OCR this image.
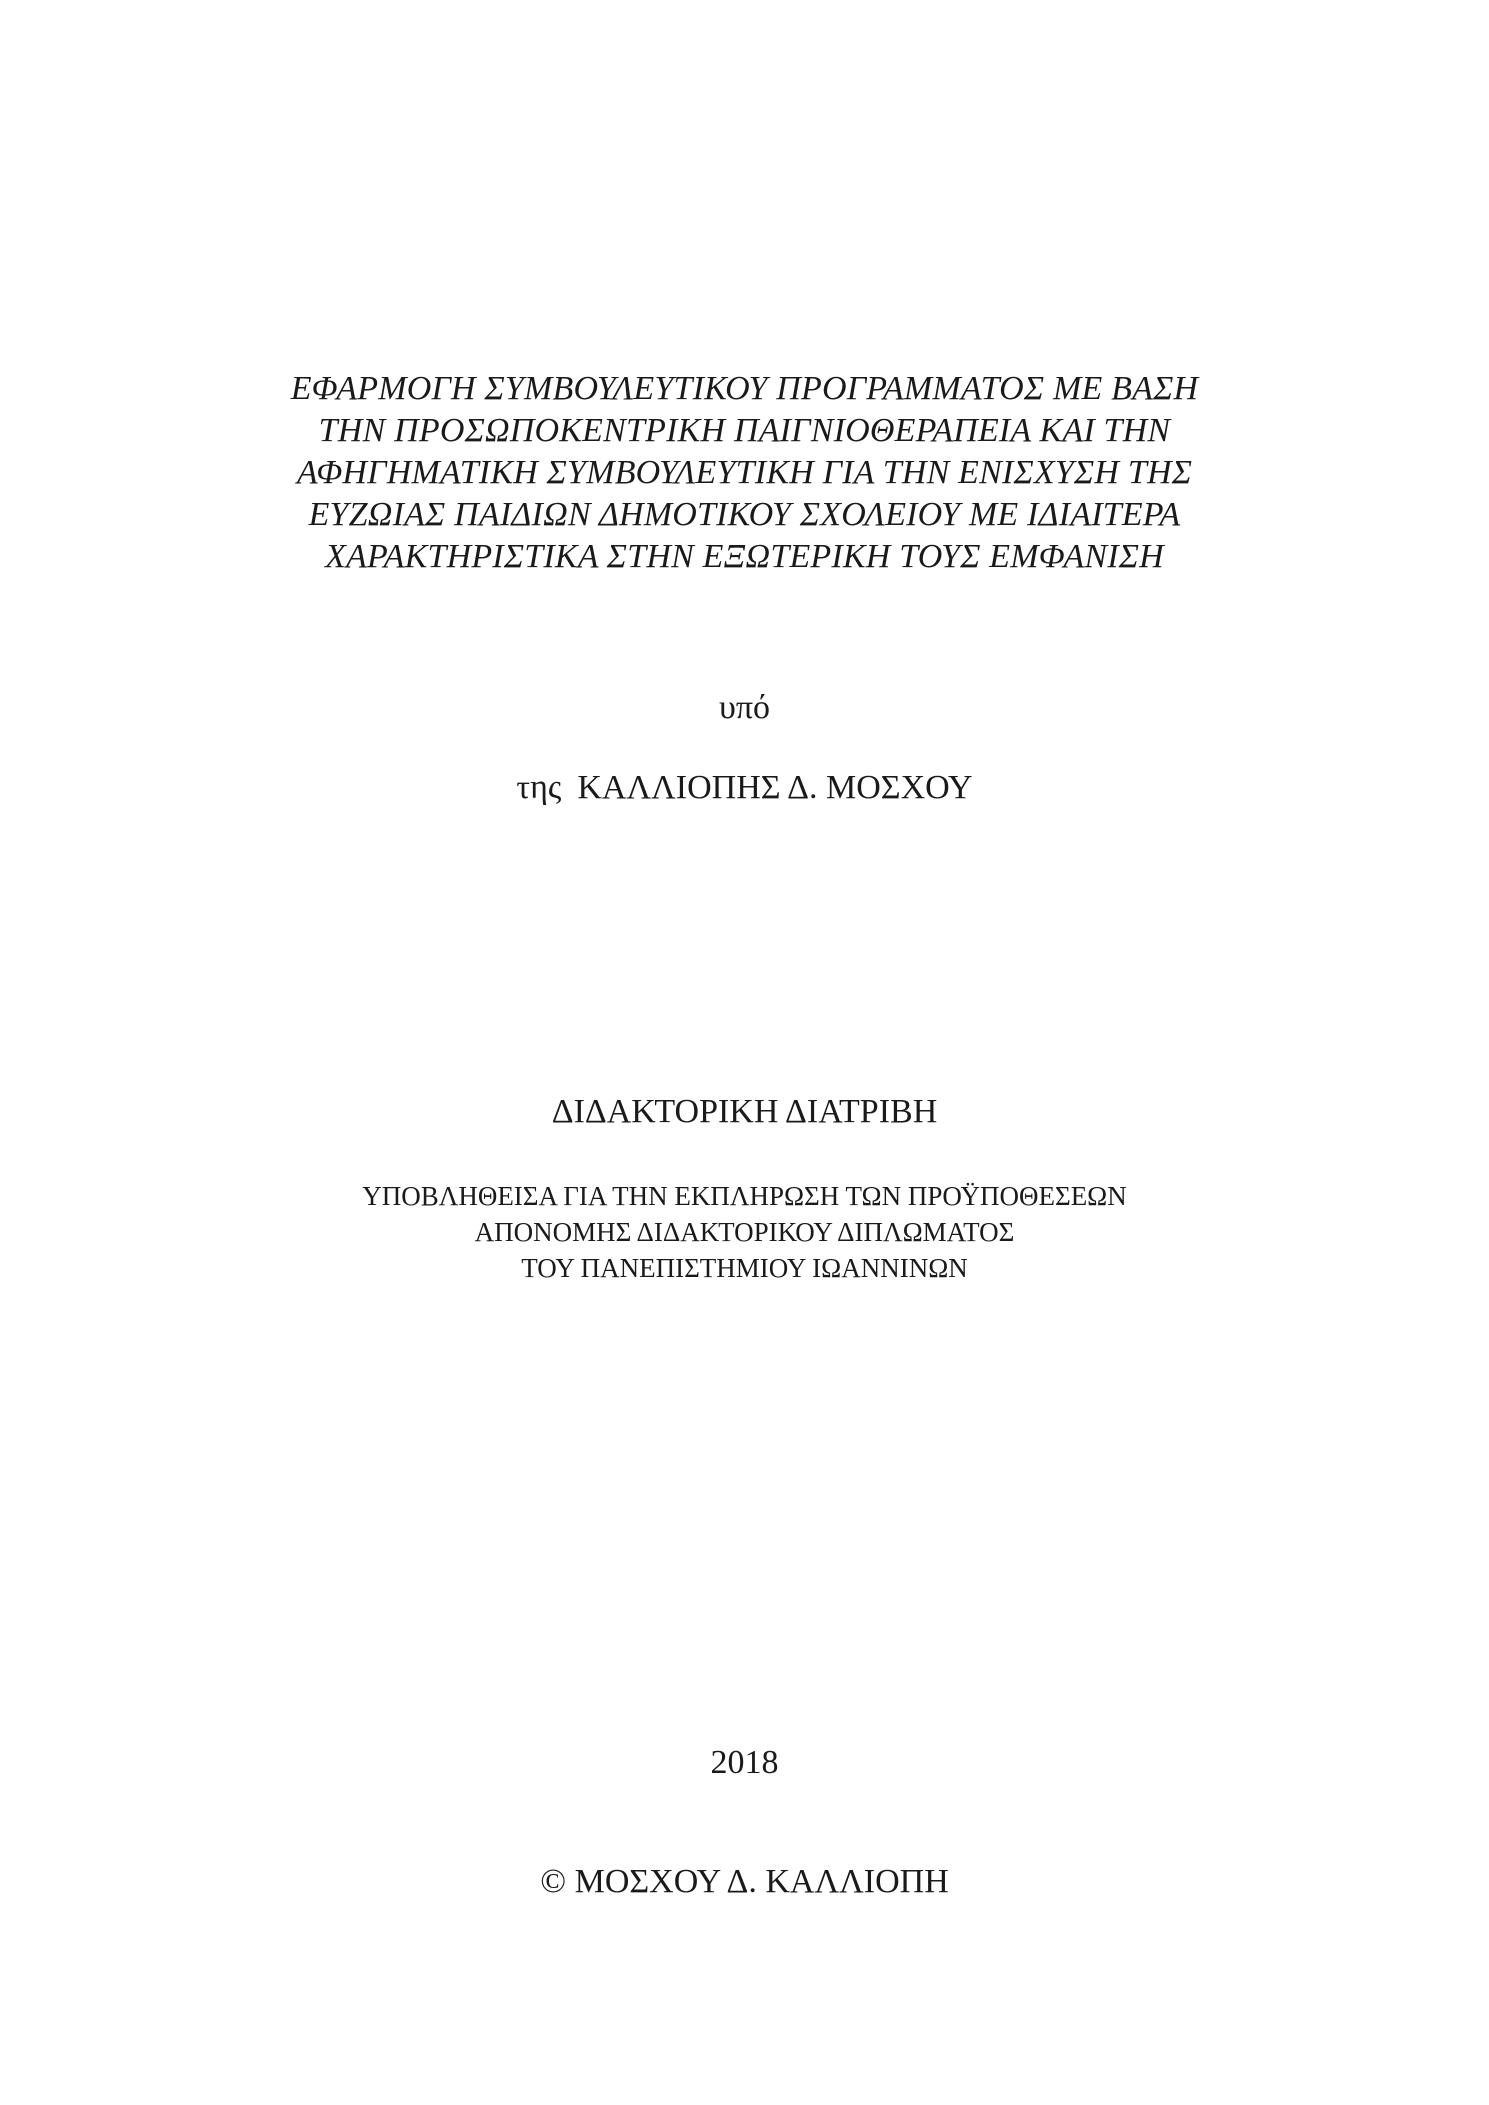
ΕΦΑΡΜΟΓΗ ΣΥΜΒΟΥΛΕΥΤΙΚΟΥ ΠΡΟΓΡΑΜΜΑΤΟΣ ΜΕ ΒΑΣΗ
ΤΗΝ ΠΡΟΣΩΠΟΚΕΝΤΡΙΚΗ ΠΑΙΓΝΙΟΘΕΡΑΠΕΙΑ ΚΑΙ ΤΗΝ
ΑΦΗΓΗΜΑΤΙΚΗ ΣΥΜΒΟΥΛΕΥΤΙΚΗ ΓΙΑ ΤΗΝ ΕΝΙΣΧΥΣΗ ΤΗΣ
ΕΥΖΩΙΑΣ ΠΑΙΔΙΩΝ ΔΗΜΟΤΙΚΟΥ ΣΧΟΛΕΙΟΥ ΜΕ ΙΔΙΑΙΤΕΡΑ
ΧΑΡΑΚΤΗΡΙΣΤΙΚΑ ΣΤΗΝ ΕΞΩΤΕΡΙΚΗ ΤΟΥΣ ΕΜΦΑΝΙΣΗ
υπό
της ΚΑΛΛΙΟΠΗΣ Δ. ΜΟΣΧΟΥ
ΔΙΔΑΚΤΟΡΙΚΗ ΔΙΑΤΡΙΒΗ
ΥΠΟΒΛΗΘΕΙΣΑ ΓΙΑ ΤΗΝ ΕΚΠΛΗΡΩΣΗ ΤΩΝ ΠΡΟΫΠΟΘΕΣΕΩΝ
ΑΠΟΝΟΜΗΣ ΔΙΔΑΚΤΟΡΙΚΟΥ ΔΙΠΛΩΜΑΤΟΣ
ΤΟΥ ΠΑΝΕΠΙΣΤΗΜΙΟΥ ΙΩΑΝΝΙΝΩΝ
2018
© ΜΟΣΧΟΥ Δ. ΚΑΛΛΙΟΠΗ
